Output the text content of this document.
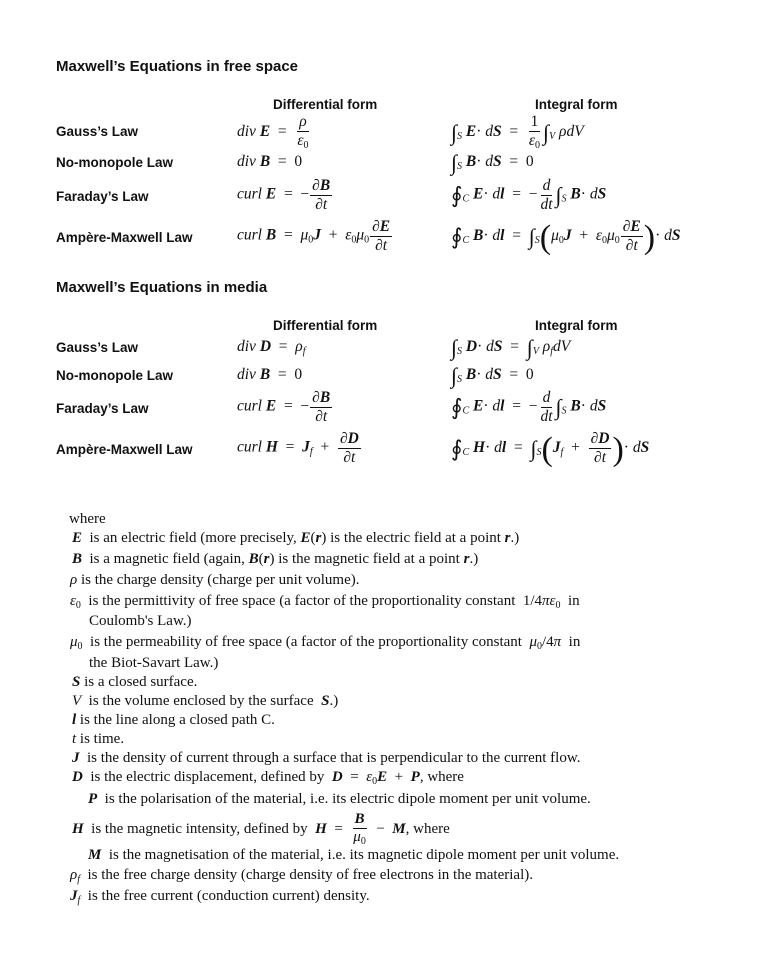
Maxwell’s Equations in free space
Differential form	Integral form
Gauss’s Law
No-monopole Law
Faraday’s Law
Ampère-Maxwell Law
div $E = \frac{\rho}{\varepsilon 0}$
div B  =  0
curl E  =  − $\frac{\partial B}{\partial t}$
curl $B = \mu 0J + \varepsilon 0\mu 0 \frac{\partial E}{\partial t}$
$\int_S$ E· dS  = $\frac{1}{\varepsilon 0} \int_V$ ρdV
$\int_S$ B· dS  =  0
$∮_C$ E· dl  =  − $\frac{d}{dt} \int_S$ B· dS
$∮_C$ B· dl  =  $\int_S(\mu 0J + \varepsilon 0\mu 0 \frac{\partial E}{\partial t}$ )· dS
Maxwell’s Equations in media
Differential form	Integral form
Gauss’s Law
No-monopole Law
Faraday’s Law
Ampère-Maxwell Law
div $D = \rho_f$
div B  =  0
curl E  =  − $\frac{\partial B}{\partial t}$
curl $H = J_f + \frac{\partial D}{\partial t}$
$\int_S$ D· dS  =  $\int_V$ $\rho_fdV$
$\int_S$ B· dS  =  0
$∮_C$ E· dl  =  − $\frac{d}{dt} \int_S$ B· dS
$∮_C$ H· dl  =  $\int_S(J_f + \frac{\partial D}{\partial t}$ )· dS
where
E is an electric field (more precisely, E(r) is the electric field at a point r.)
B is a magnetic field (again, B(r) is the magnetic field at a point r.)
ρ is the charge density (charge per unit volume).
$\varepsilon_0$ is the permittivity of free space (a factor of the proportionality constant  $1/4\pi\varepsilon_0$ in
Coulomb's Law.)
$\mu_0$ is the permeability of free space (a factor of the proportionality constant $\mu_0/4\pi$ in
the Biot-Savart Law.)
S is a closed surface.
V is the volume enclosed by the surface S.)
l is the line along a closed path C.
t is time.
J is the density of current through a surface that is perpendicular to the current flow.
D is the electric displacement, defined by $D = \varepsilon_0E + P$, where
P is the polarisation of the material, i.e. its electric dipole moment per unit volume.
H is the magnetic intensity, defined by $H = \frac{B}{\mu_0} - M$, where
M is the magnetisation of the material, i.e. its magnetic dipole moment per unit volume.
$\rho_f$ is the free charge density (charge density of free electrons in the material).
$J_f$ is the free current (conduction current) density.
